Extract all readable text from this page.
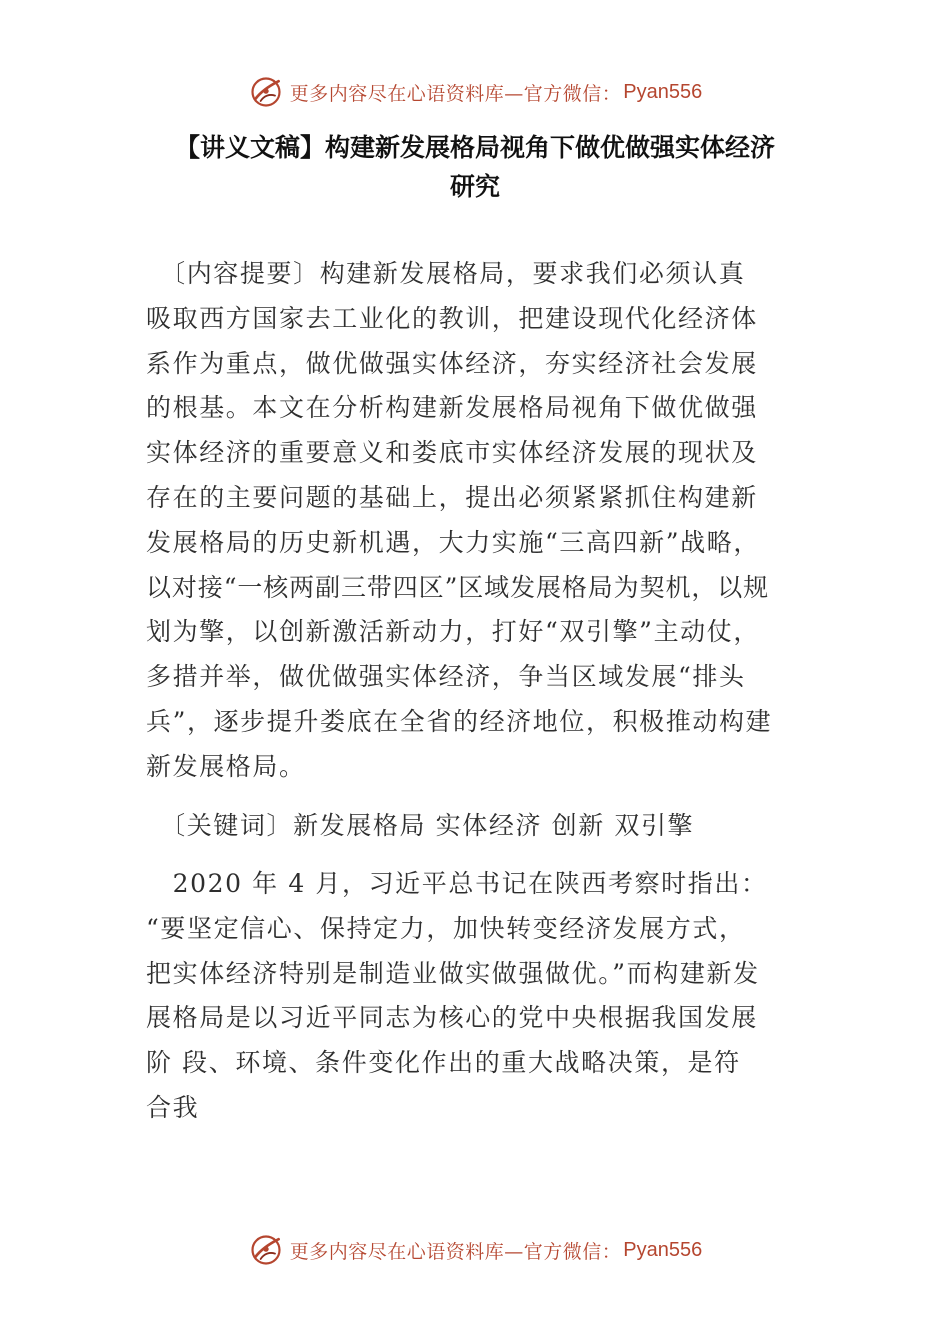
更多内容尽在心语资料库—官方微信： Pyan556
【讲义文稿】构建新发展格局视角下做优做强实体经济
研究
　〔内容提要〕构建新发展格局，要求我们必须认真
吸取西方国家去工业化的教训，把建设现代化经济体
系作为重点，做优做强实体经济，夯实经济社会发展
的根基。本文在分析构建新发展格局视角下做优做强
实体经济的重要意义和娄底市实体经济发展的现状及
存在的主要问题的基础上，提出必须紧紧抓住构建新
发展格局的历史新机遇，大力实施“三高四新”战略，
以对接“一核两副三带四区”区域发展格局为契机，以规
划为擎，以创新激活新动力，打好“双引擎”主动仗，
多措并举，做优做强实体经济，争当区域发展“排头
兵”，逐步提升娄底在全省的经济地位，积极推动构建
新发展格局。
　〔关键词〕新发展格局 实体经济 创新 双引擎
　2020 年 4 月，习近平总书记在陕西考察时指出：
“要坚定信心、保持定力，加快转变经济发展方式，
把实体经济特别是制造业做实做强做优。”而构建新发
展格局是以习近平同志为核心的党中央根据我国发展
阶 段、环境、条件变化作出的重大战略决策，是符
合我
更多内容尽在心语资料库—官方微信： Pyan556
